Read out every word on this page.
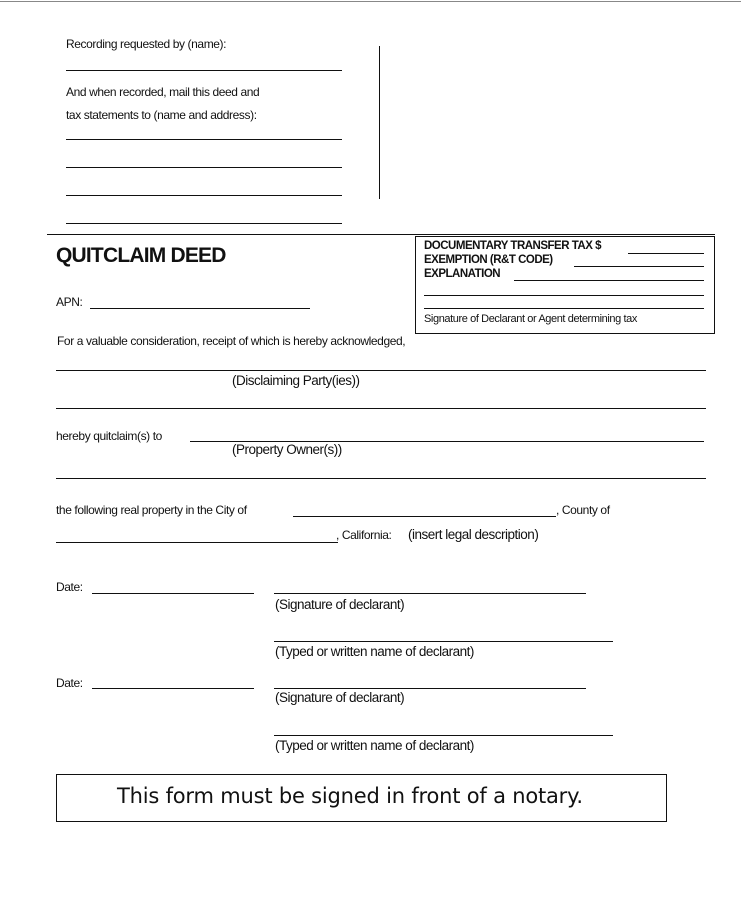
Recording requested by (name):
And when recorded, mail this deed and
tax statements to (name and address):
QUITCLAIM DEED	DOCUMENTARY TRANSFER TAX $
EXEMPTION (R&T CODE)
EXPLANATION
Signature of Declarant or Agent determining tax
APN:
For a valuable consideration, receipt of which is hereby acknowledged,
(Disclaiming Party(ies))
hereby quitclaim(s) to
(Property Owner(s))
the following real property in the City of	, County of
, California: (insert legal description)
Date:
(Signature of declarant)
(Typed or written name of declarant)
Date:
(Signature of declarant)
(Typed or written name of declarant)
This form must be signed in front of a notary.
